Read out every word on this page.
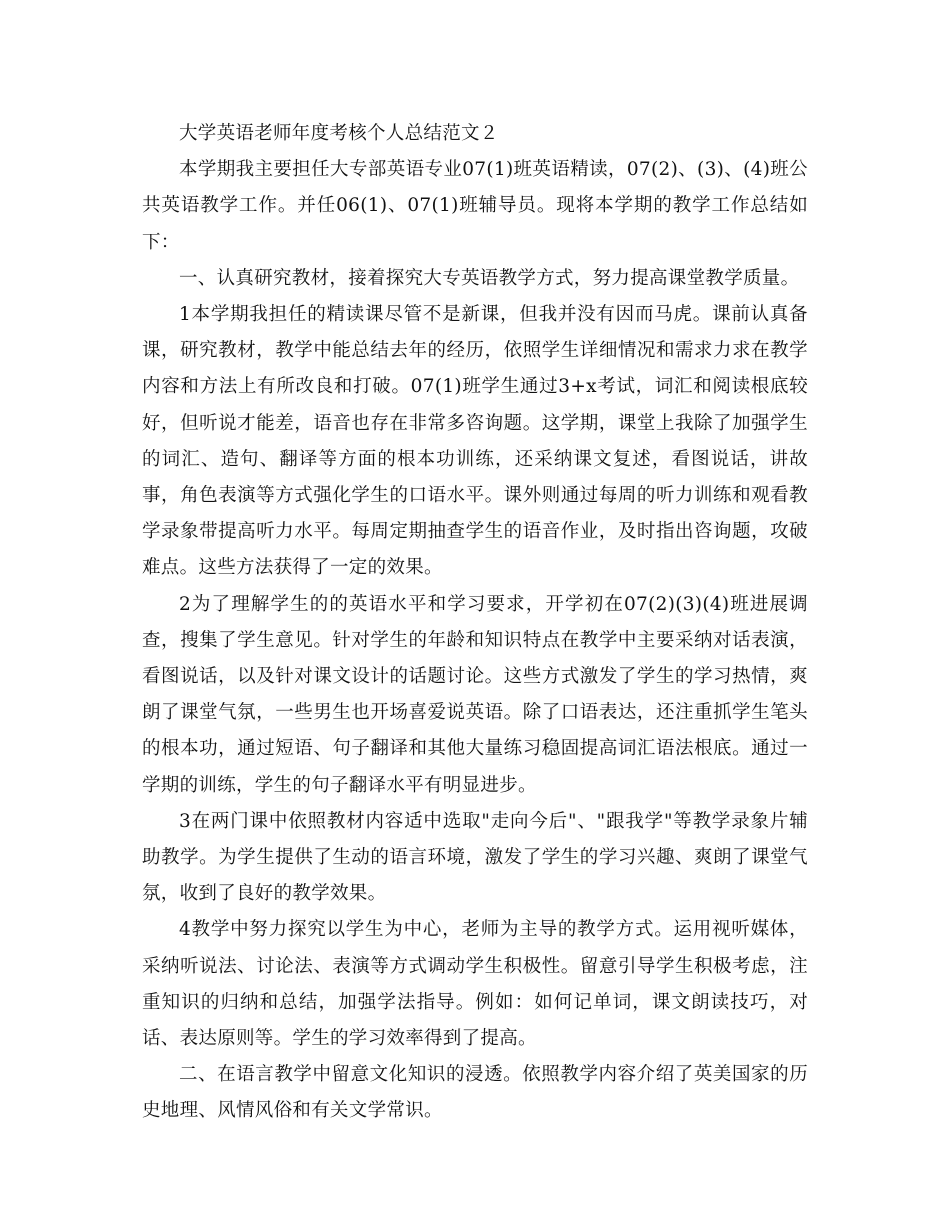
大学英语老师年度考核个人总结范文２

本学期我主要担任大专部英语专业07(1)班英语精读，07(2)、(3)、(4)班公共英语教学工作。并任06(1)、07(1)班辅导员。现将本学期的教学工作总结如下：

一、认真研究教材，接着探究大专英语教学方式，努力提高课堂教学质量。

1本学期我担任的精读课尽管不是新课，但我并没有因而马虎。课前认真备课，研究教材，教学中能总结去年的经历，依照学生详细情况和需求力求在教学内容和方法上有所改良和打破。07(1)班学生通过3+x考试，词汇和阅读根底较好，但听说才能差，语音也存在非常多咨询题。这学期，课堂上我除了加强学生的词汇、造句、翻译等方面的根本功训练，还采纳课文复述，看图说话，讲故事，角色表演等方式强化学生的口语水平。课外则通过每周的听力训练和观看教学录象带提高听力水平。每周定期抽查学生的语音作业，及时指出咨询题，攻破难点。这些方法获得了一定的效果。

2为了理解学生的的英语水平和学习要求，开学初在07(2)(3)(4)班进展调查，搜集了学生意见。针对学生的年龄和知识特点在教学中主要采纳对话表演，看图说话，以及针对课文设计的话题讨论。这些方式激发了学生的学习热情，爽朗了课堂气氛，一些男生也开场喜爱说英语。除了口语表达，还注重抓学生笔头的根本功，通过短语、句子翻译和其他大量练习稳固提高词汇语法根底。通过一学期的训练，学生的句子翻译水平有明显进步。

3在两门课中依照教材内容适中选取"走向今后"、"跟我学"等教学录象片辅助教学。为学生提供了生动的语言环境，激发了学生的学习兴趣、爽朗了课堂气氛，收到了良好的教学效果。

4教学中努力探究以学生为中心，老师为主导的教学方式。运用视听媒体，采纳听说法、讨论法、表演等方式调动学生积极性。留意引导学生积极考虑，注重知识的归纳和总结，加强学法指导。例如：如何记单词，课文朗读技巧，对话、表达原则等。学生的学习效率得到了提高。

二、在语言教学中留意文化知识的浸透。依照教学内容介绍了英美国家的历史地理、风情风俗和有关文学常识。
